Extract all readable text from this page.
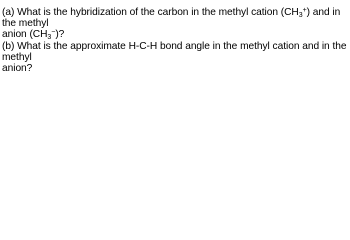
(a) What is the hybridization of the carbon in the methyl cation $(CH_3^+)$ and in the methyl
anion $(CH_3^-)$?

(b) What is the approximate H-C-H bond angle in the methyl cation and in the methyl
anion?
